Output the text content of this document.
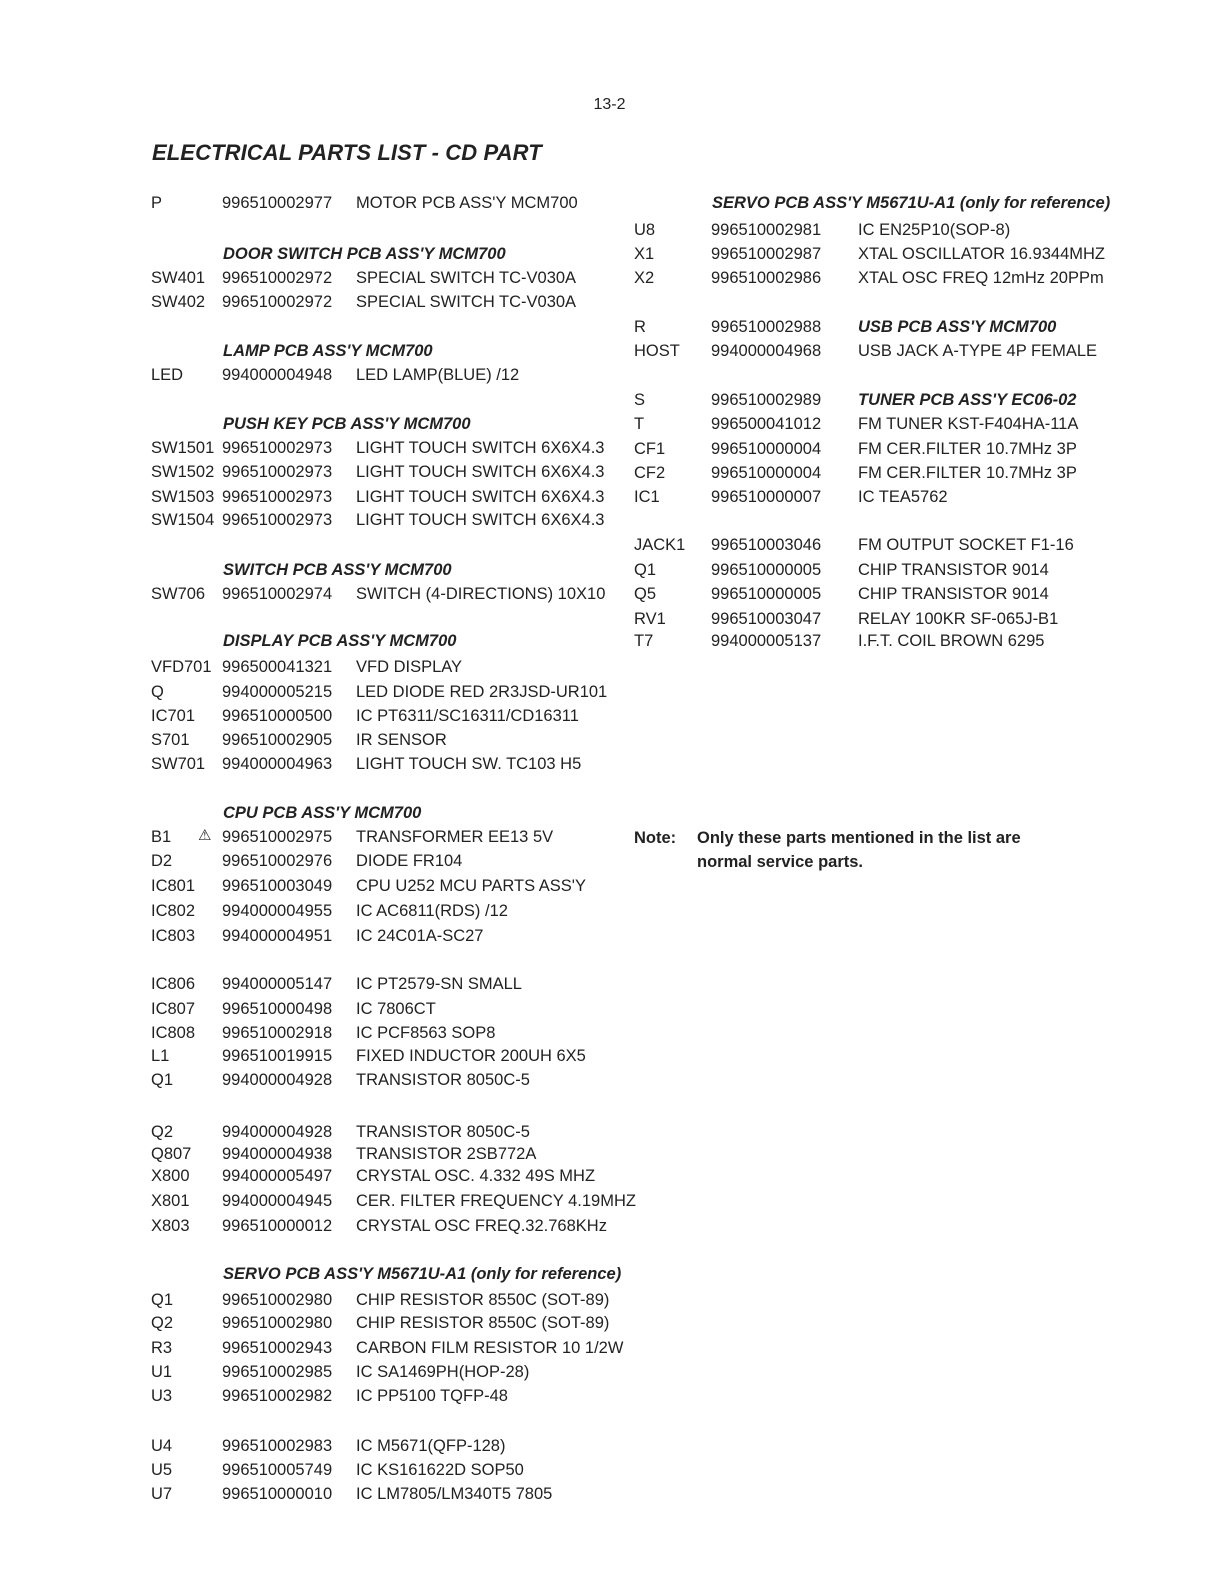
13-2
ELECTRICAL PARTS LIST - CD PART
P	996510002977 MOTOR PCB ASS'Y MCM700
DOOR SWITCH PCB ASS'Y MCM700
SW401 996510002972 SPECIAL SWITCH TC-V030A
SW402 996510002972 SPECIAL SWITCH TC-V030A
LAMP PCB ASS'Y MCM700
LED 994000004948 LED LAMP(BLUE) /12
PUSH KEY PCB ASS'Y MCM700
SW1501 996510002973 LIGHT TOUCH SWITCH 6X6X4.3
SW1502 996510002973 LIGHT TOUCH SWITCH 6X6X4.3
SW1503 996510002973 LIGHT TOUCH SWITCH 6X6X4.3
SW1504 996510002973 LIGHT TOUCH SWITCH 6X6X4.3
SWITCH PCB ASS'Y MCM700
SW706 996510002974 SWITCH (4-DIRECTIONS) 10X10
DISPLAY PCB ASS'Y MCM700
VFD701 996500041321 VFD DISPLAY
Q	994000005215 LED DIODE RED 2R3JSD-UR101
IC701 996510000500 IC PT6311/SC16311/CD16311
S701 996510002905 IR SENSOR
SW701 994000004963 LIGHT TOUCH SW. TC103 H5
CPU PCB ASS'Y MCM700
B1	996510002975 TRANSFORMER EE13 5V
⚠
D2	996510002976 DIODE FR104
IC801 996510003049 CPU U252 MCU PARTS ASS'Y
IC802 994000004955 IC AC6811(RDS) /12
IC803 994000004951 IC 24C01A-SC27
IC806 994000005147 IC PT2579-SN SMALL
IC807 996510000498 IC 7806CT
IC808 996510002918 IC PCF8563 SOP8
L1	996510019915 FIXED INDUCTOR 200UH 6X5
Q1	994000004928 TRANSISTOR 8050C-5
Q2	994000004928 TRANSISTOR 8050C-5
Q807 994000004938 TRANSISTOR 2SB772A
X800 994000005497 CRYSTAL OSC. 4.332 49S MHZ
X801 994000004945 CER. FILTER FREQUENCY 4.19MHZ
X803 996510000012 CRYSTAL OSC FREQ.32.768KHz
SERVO PCB ASS'Y M5671U-A1 (only for reference)
Q1	996510002980 CHIP RESISTOR 8550C (SOT-89)
Q2	996510002980 CHIP RESISTOR 8550C (SOT-89)
R3	996510002943 CARBON FILM RESISTOR 10 1/2W
U1	996510002985 IC SA1469PH(HOP-28)
U3	996510002982 IC PP5100 TQFP-48
U4	996510002983 IC M5671(QFP-128)
U5	996510005749 IC KS161622D SOP50
U7	996510000010 IC LM7805/LM340T5 7805
SERVO PCB ASS'Y M5671U-A1 (only for reference)
U8	996510002981 IC EN25P10(SOP-8)
X1	996510002987 XTAL OSCILLATOR 16.9344MHZ
X2	996510002986 XTAL OSC FREQ 12mHz 20PPm
R	996510002988 USB PCB ASS'Y MCM700
HOST 994000004968 USB JACK A-TYPE 4P FEMALE
S	996510002989 TUNER PCB ASS'Y EC06-02
T	996500041012 FM TUNER KST-F404HA-11A
CF1	996510000004 FM CER.FILTER 10.7MHz 3P
CF2	996510000004 FM CER.FILTER 10.7MHz 3P
IC1	996510000007 IC TEA5762
JACK1 996510003046 FM OUTPUT SOCKET F1-16
Q1	996510000005 CHIP TRANSISTOR 9014
Q5	996510000005 CHIP TRANSISTOR 9014
RV1	996510003047 RELAY 100KR SF-065J-B1
T7	994000005137 I.F.T. COIL BROWN 6295
Note: Only these parts mentioned in the list are
normal service parts.
